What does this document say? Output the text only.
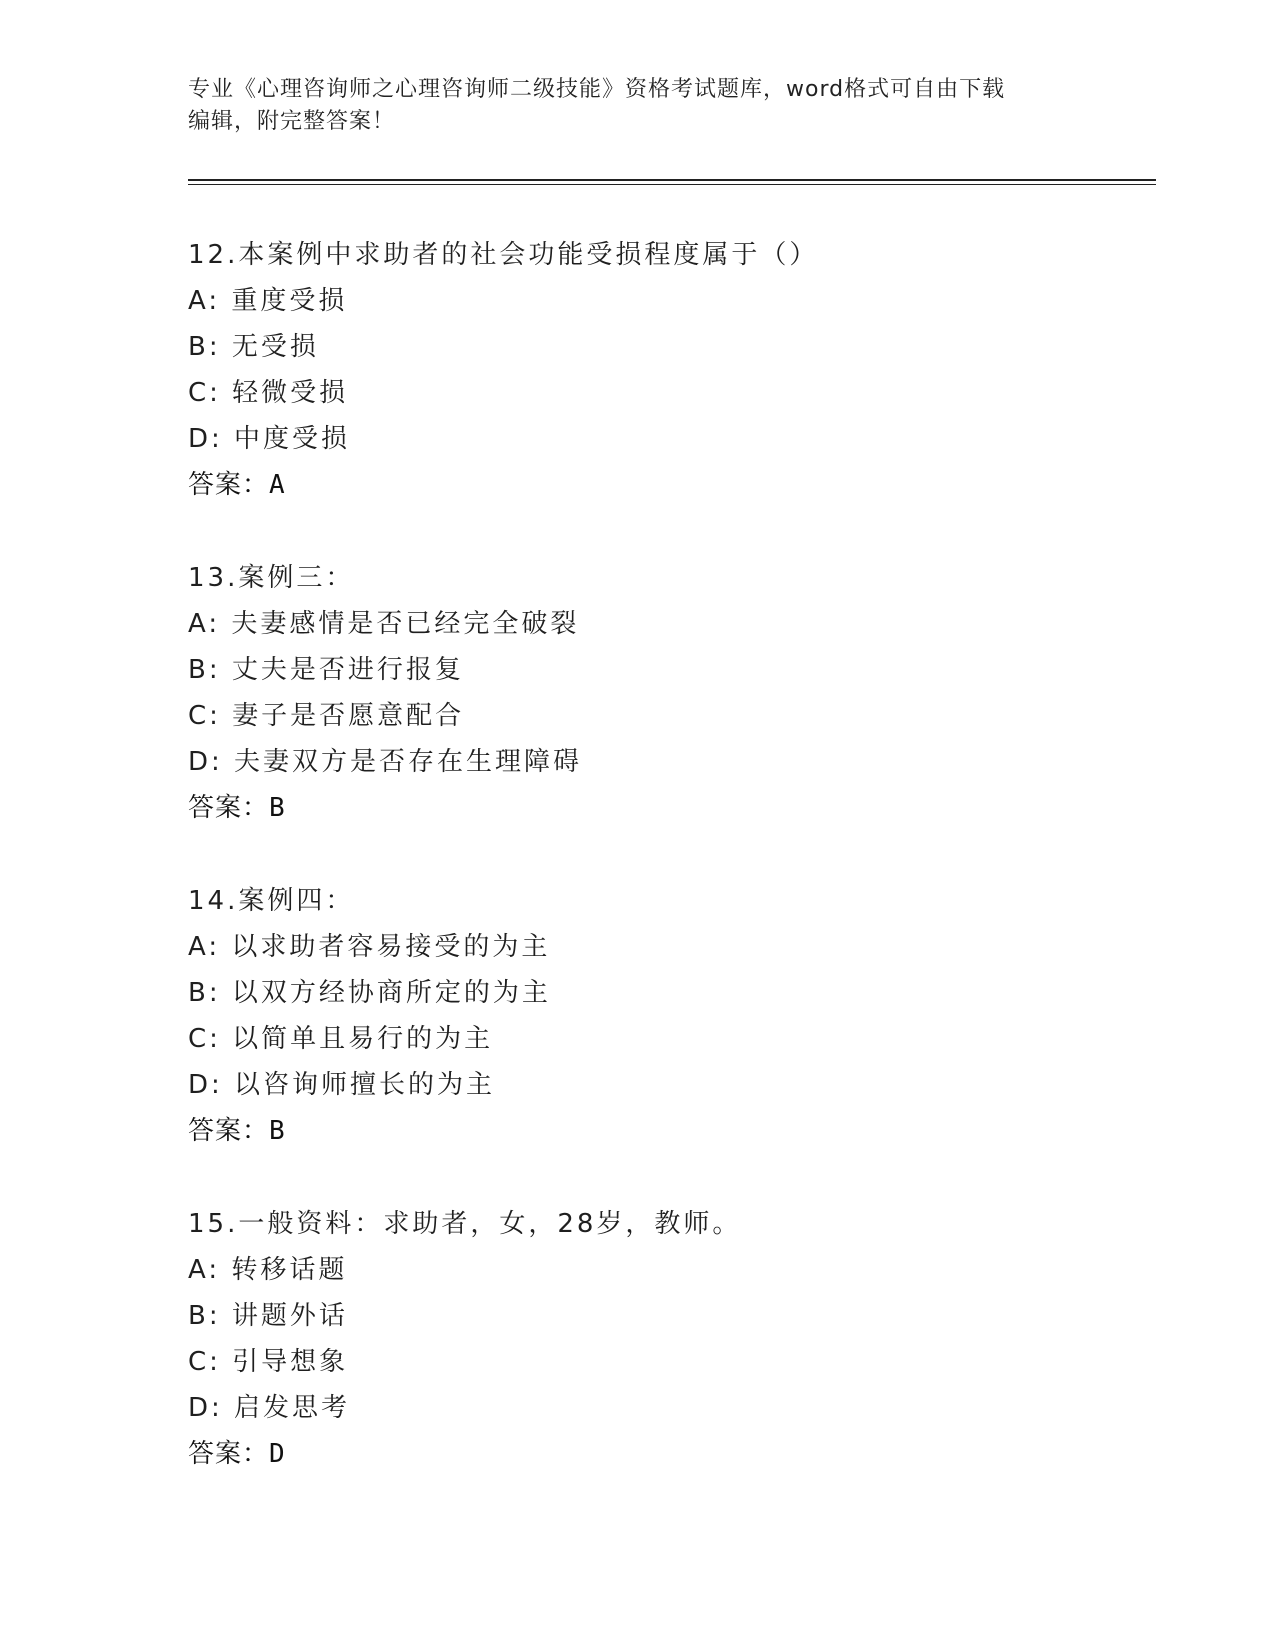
专业《心理咨询师之心理咨询师二级技能》资格考试题库，word格式可自由下载
编辑，附完整答案！
12.本案例中求助者的社会功能受损程度属于（）
A: 重度受损
B: 无受损
C: 轻微受损
D: 中度受损
答案：A
13.案例三：
A: 夫妻感情是否已经完全破裂
B: 丈夫是否进行报复
C: 妻子是否愿意配合
D: 夫妻双方是否存在生理障碍
答案：B
14.案例四：
A: 以求助者容易接受的为主
B: 以双方经协商所定的为主
C: 以简单且易行的为主
D: 以咨询师擅长的为主
答案：B
15.一般资料：求助者，女，28岁，教师。
A: 转移话题
B: 讲题外话
C: 引导想象
D: 启发思考
答案：D
